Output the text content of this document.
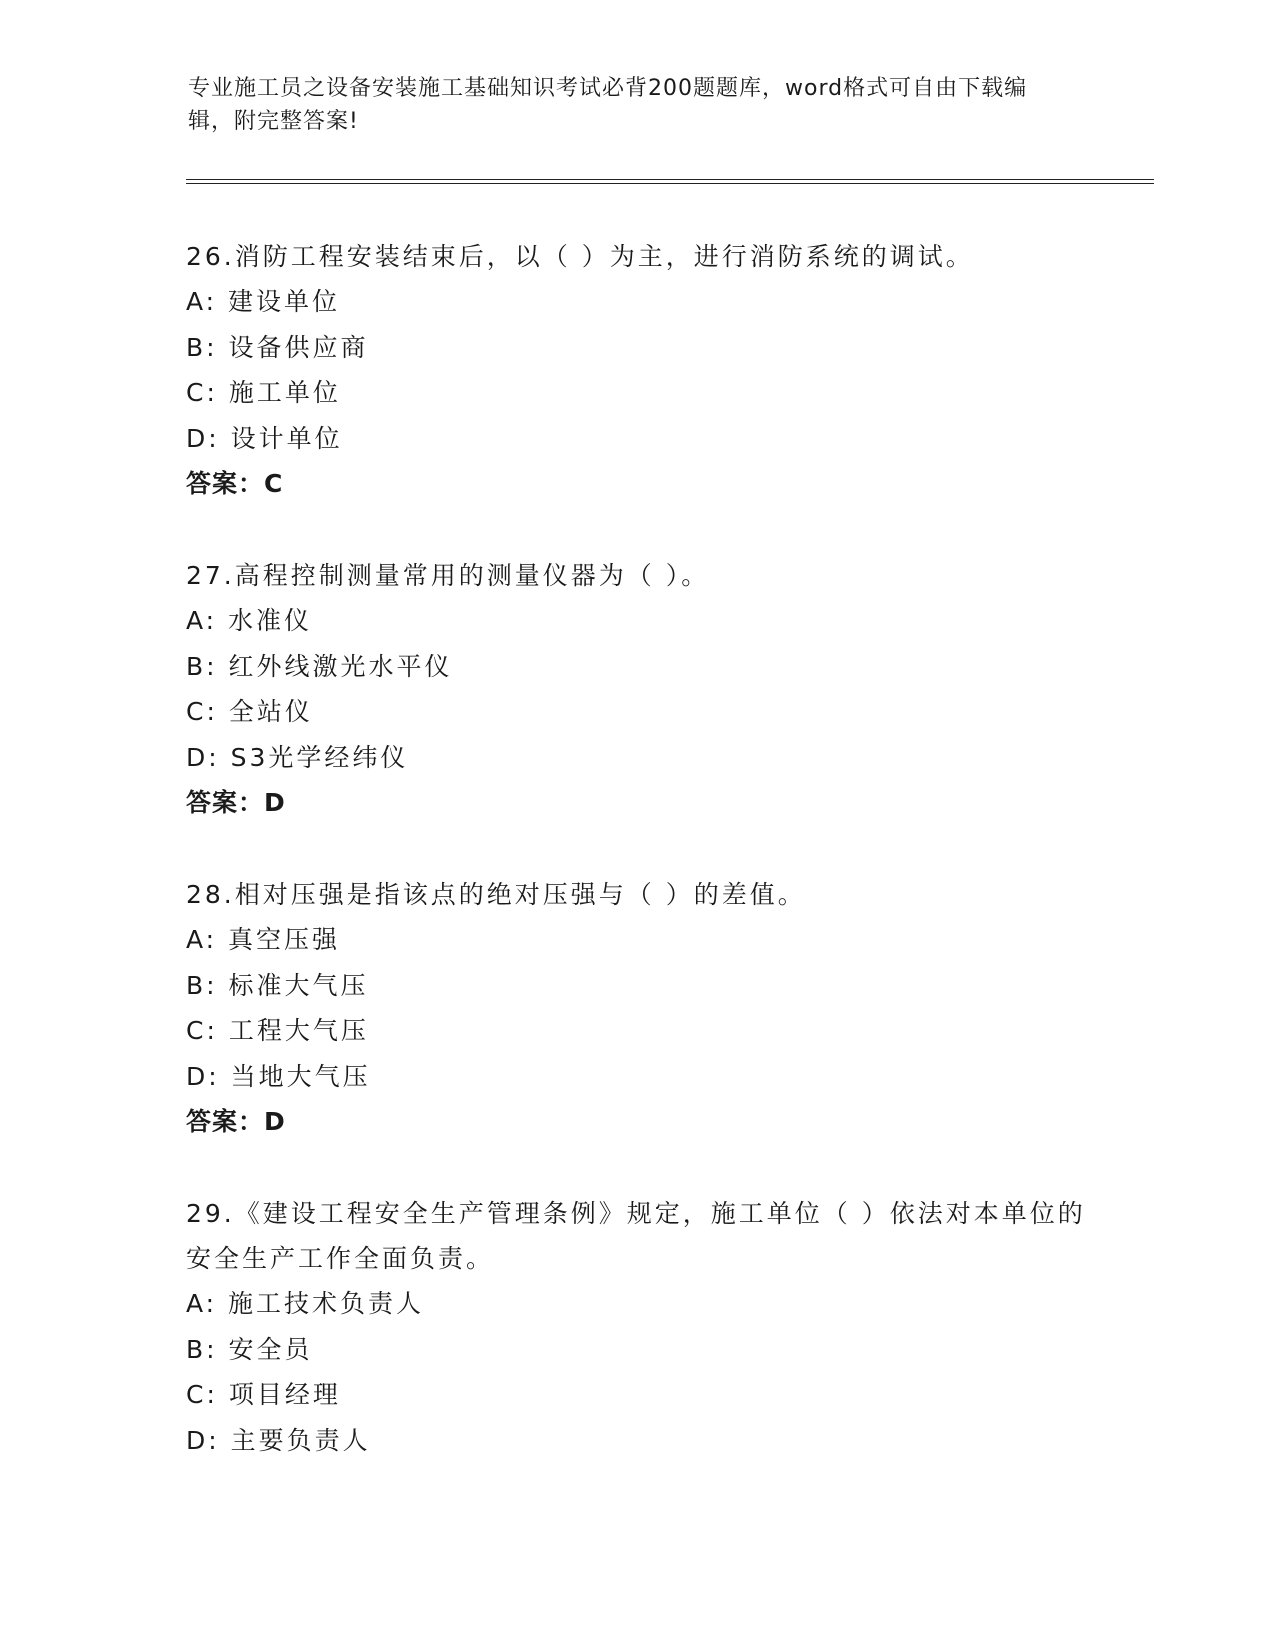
专业施工员之设备安装施工基础知识考试必背200题题库，word格式可自由下载编辑，附完整答案!

26.消防工程安装结束后，以（ ）为主，进行消防系统的调试。

A: 建设单位

B: 设备供应商

C: 施工单位

D: 设计单位

答案：C

27.高程控制测量常用的测量仪器为（ ）。

A: 水准仪

B: 红外线激光水平仪

C: 全站仪

D: S3光学经纬仪

答案：D

28.相对压强是指该点的绝对压强与（ ）的差值。

A: 真空压强

B: 标准大气压

C: 工程大气压

D: 当地大气压

答案：D

29.《建设工程安全生产管理条例》规定，施工单位（ ）依法对本单位的安全生产工作全面负责。

A: 施工技术负责人

B: 安全员

C: 项目经理

D: 主要负责人
